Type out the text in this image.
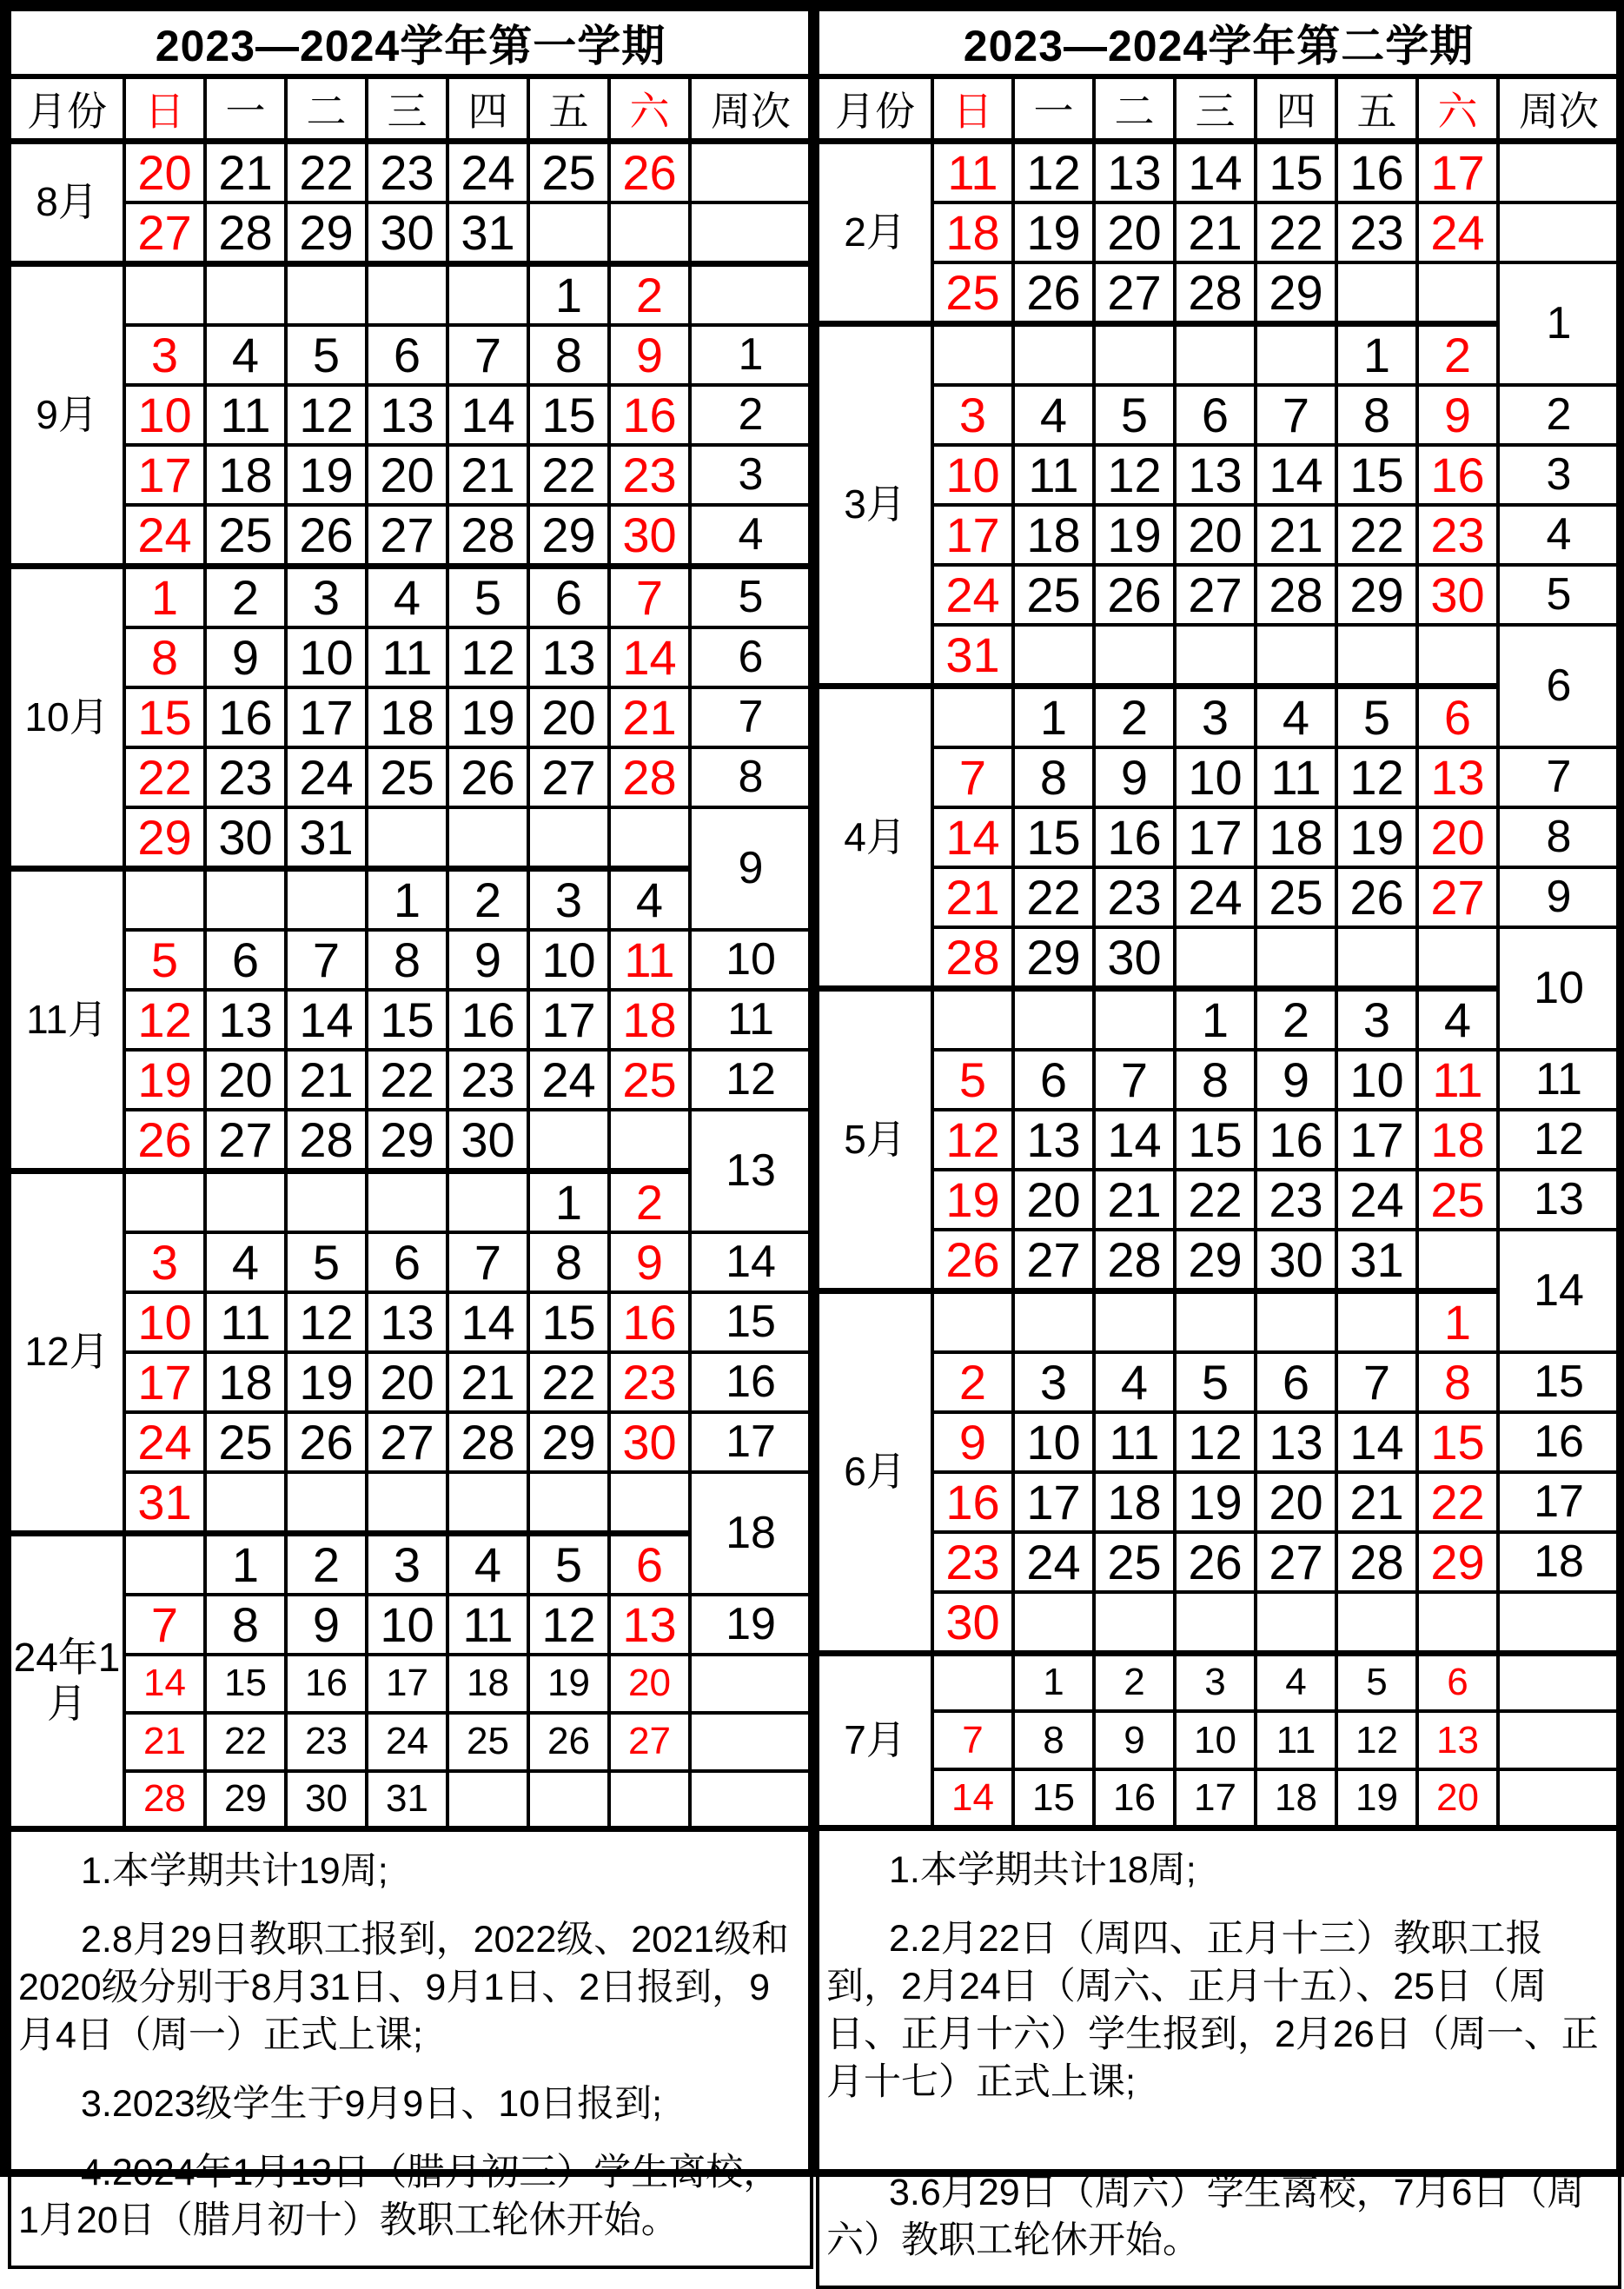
2023—2024学年第一学期								
月份	日	一	二	三	四	五	六	周次
8月	20	21	22	23	24	25	26	
	27	28	29	30	31			
9月						1	2	
	3	4	5	6	7	8	9	1
	10	11	12	13	14	15	16	2
	17	18	19	20	21	22	23	3
	24	25	26	27	28	29	30	4
10月	1	2	3	4	5	6	7	5
	8	9	10	11	12	13	14	6
	15	16	17	18	19	20	21	7
	22	23	24	25	26	27	28	8
	29	30	31					9
11月				1	2	3	4	
	5	6	7	8	9	10	11	10
	12	13	14	15	16	17	18	11
	19	20	21	22	23	24	25	12
	26	27	28	29	30			13
12月						1	2	
	3	4	5	6	7	8	9	14
	10	11	12	13	14	15	16	15
	17	18	19	20	21	22	23	16
	24	25	26	27	28	29	30	17
	31							18
24年1月		1	2	3	4	5	6	
	7	8	9	10	11	12	13	19
	14	15	16	17	18	19	20	
	21	22	23	24	25	26	27	
	28	29	30	31				

1.本学期共计19周;

2.8月29日教职工报到，2022级、2021级和2020级分别于8月31日、9月1日、2日报到，9月4日（周一）正式上课;

3.2023级学生于9月9日、10日报到;

4.2024年1月13日（腊月初三）学生离校，1月20日（腊月初十）教职工轮休开始。								

2023—2024学年第二学期								
月份	日	一	二	三	四	五	六	周次
2月	11	12	13	14	15	16	17	
	18	19	20	21	22	23	24	
	25	26	27	28	29			1
3月						1	2	
	3	4	5	6	7	8	9	2
	10	11	12	13	14	15	16	3
	17	18	19	20	21	22	23	4
	24	25	26	27	28	29	30	5
	31							6
4月		1	2	3	4	5	6	
	7	8	9	10	11	12	13	7
	14	15	16	17	18	19	20	8
	21	22	23	24	25	26	27	9
	28	29	30					10
5月				1	2	3	4	
	5	6	7	8	9	10	11	11
	12	13	14	15	16	17	18	12
	19	20	21	22	23	24	25	13
	26	27	28	29	30	31		14
6月							1	
	2	3	4	5	6	7	8	15
	9	10	11	12	13	14	15	16
	16	17	18	19	20	21	22	17
	23	24	25	26	27	28	29	18
	30							
7月		1	2	3	4	5	6	
	7	8	9	10	11	12	13	
	14	15	16	17	18	19	20	

1.本学期共计18周;

2.2月22日（周四、正月十三）教职工报到，2月24日（周六、正月十五）、25日（周日、正月十六）学生报到，2月26日（周一、正月十七）正式上课;

3.6月29日（周六）学生离校，7月6日（周六）教职工轮休开始。								
